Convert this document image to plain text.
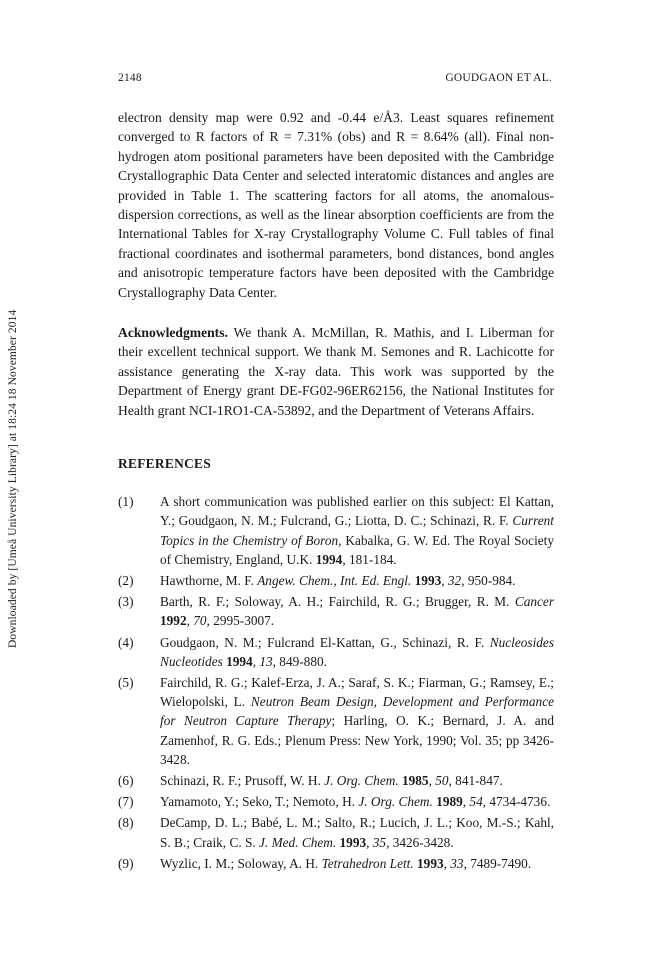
Downloaded by [Umeå University Library] at 18:24 18 November 2014
2148	GOUDGAON ET AL.

electron density map were 0.92 and -0.44 e/Å3. Least squares refinement converged to R factors of R = 7.31% (obs) and R = 8.64% (all). Final non-hydrogen atom positional parameters have been deposited with the Cambridge Crystallographic Data Center and selected interatomic distances and angles are provided in Table 1. The scattering factors for all atoms, the anomalous-dispersion corrections, as well as the linear absorption coefficients are from the International Tables for X-ray Crystallography Volume C. Full tables of final fractional coordinates and isothermal parameters, bond distances, bond angles and anisotropic temperature factors have been deposited with the Cambridge Crystallography Data Center.

Acknowledgments. We thank A. McMillan, R. Mathis, and I. Liberman for their excellent technical support. We thank M. Semones and R. Lachicotte for assistance generating the X-ray data. This work was supported by the Department of Energy grant DE-FG02-96ER62156, the National Institutes for Health grant NCI-1RO1-CA-53892, and the Department of Veterans Affairs.

REFERENCES
(1) A short communication was published earlier on this subject: El Kattan, Y.; Goudgaon, N. M.; Fulcrand, G.; Liotta, D. C.; Schinazi, R. F. Current Topics in the Chemistry of Boron, Kabalka, G. W. Ed. The Royal Society of Chemistry, England, U.K. 1994, 181-184.
(2) Hawthorne, M. F. Angew. Chem., Int. Ed. Engl. 1993, 32, 950-984.
(3) Barth, R. F.; Soloway, A. H.; Fairchild, R. G.; Brugger, R. M. Cancer 1992, 70, 2995-3007.
(4) Goudgaon, N. M.; Fulcrand El-Kattan, G., Schinazi, R. F. Nucleosides Nucleotides 1994, 13, 849-880.
(5) Fairchild, R. G.; Kalef-Erza, J. A.; Saraf, S. K.; Fiarman, G.; Ramsey, E.; Wielopolski, L. Neutron Beam Design, Development and Performance for Neutron Capture Therapy; Harling, O. K.; Bernard, J. A. and Zamenhof, R. G. Eds.; Plenum Press: New York, 1990; Vol. 35; pp 3426-3428.
(6) Schinazi, R. F.; Prusoff, W. H. J. Org. Chem. 1985, 50, 841-847.
(7) Yamamoto, Y.; Seko, T.; Nemoto, H. J. Org. Chem. 1989, 54, 4734-4736.
(8) DeCamp, D. L.; Babé, L. M.; Salto, R.; Lucich, J. L.; Koo, M.-S.; Kahl, S. B.; Craik, C. S. J. Med. Chem. 1993, 35, 3426-3428.
(9) Wyzlic, I. M.; Soloway, A. H. Tetrahedron Lett. 1993, 33, 7489-7490.
